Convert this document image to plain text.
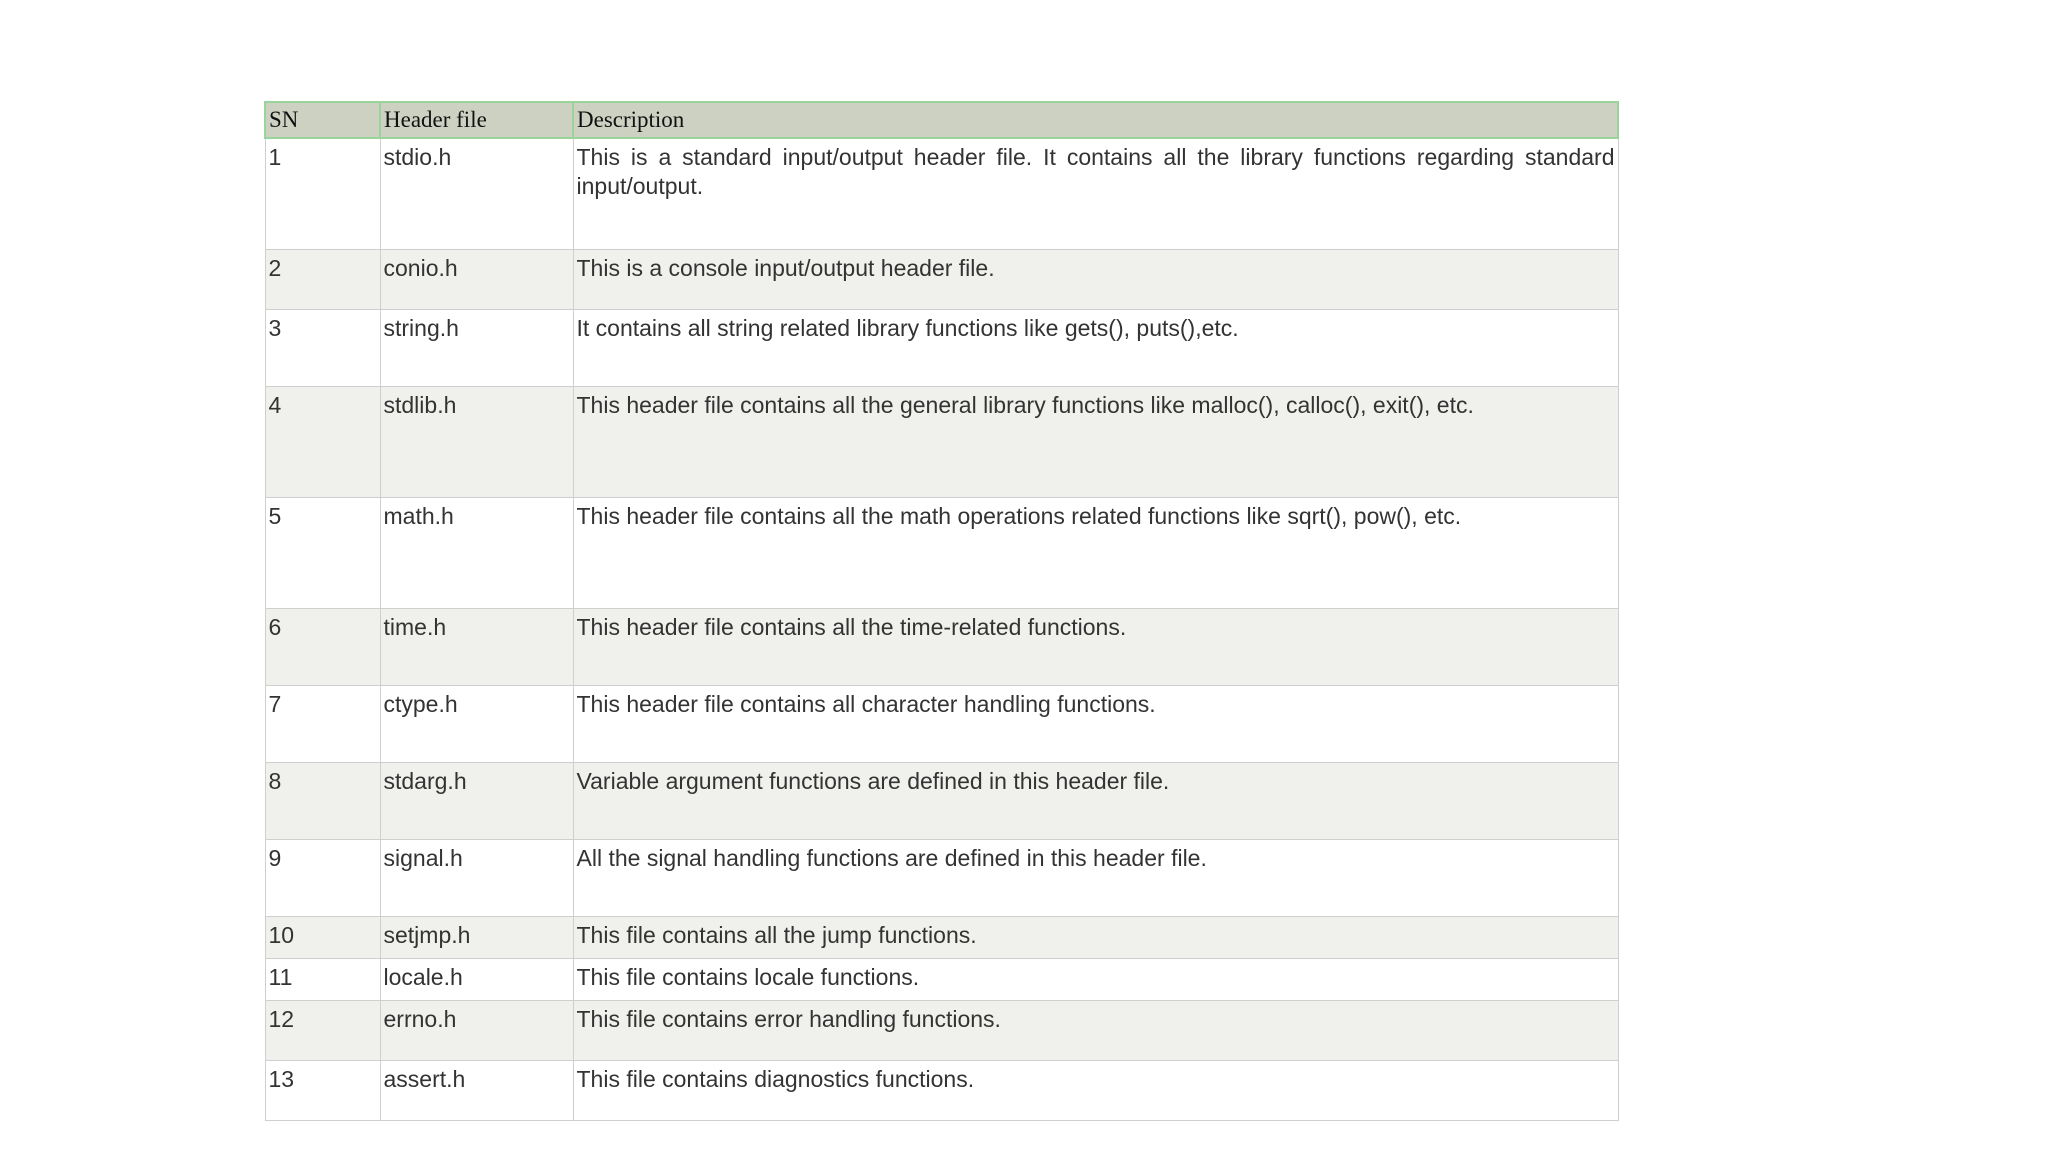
SN	Header file	Description
1	stdio.h	This is a standard input/output header file. It contains all the library functions regarding standard input/output.
2	conio.h	This is a console input/output header file.
3	string.h	It contains all string related library functions like gets(), puts(),etc.
4	stdlib.h	This header file contains all the general library functions like malloc(), calloc(), exit(), etc.
5	math.h	This header file contains all the math operations related functions like sqrt(), pow(), etc.
6	time.h	This header file contains all the time-related functions.
7	ctype.h	This header file contains all character handling functions.
8	stdarg.h	Variable argument functions are defined in this header file.
9	signal.h	All the signal handling functions are defined in this header file.
10	setjmp.h	This file contains all the jump functions.
11	locale.h	This file contains locale functions.
12	errno.h	This file contains error handling functions.
13	assert.h	This file contains diagnostics functions.
